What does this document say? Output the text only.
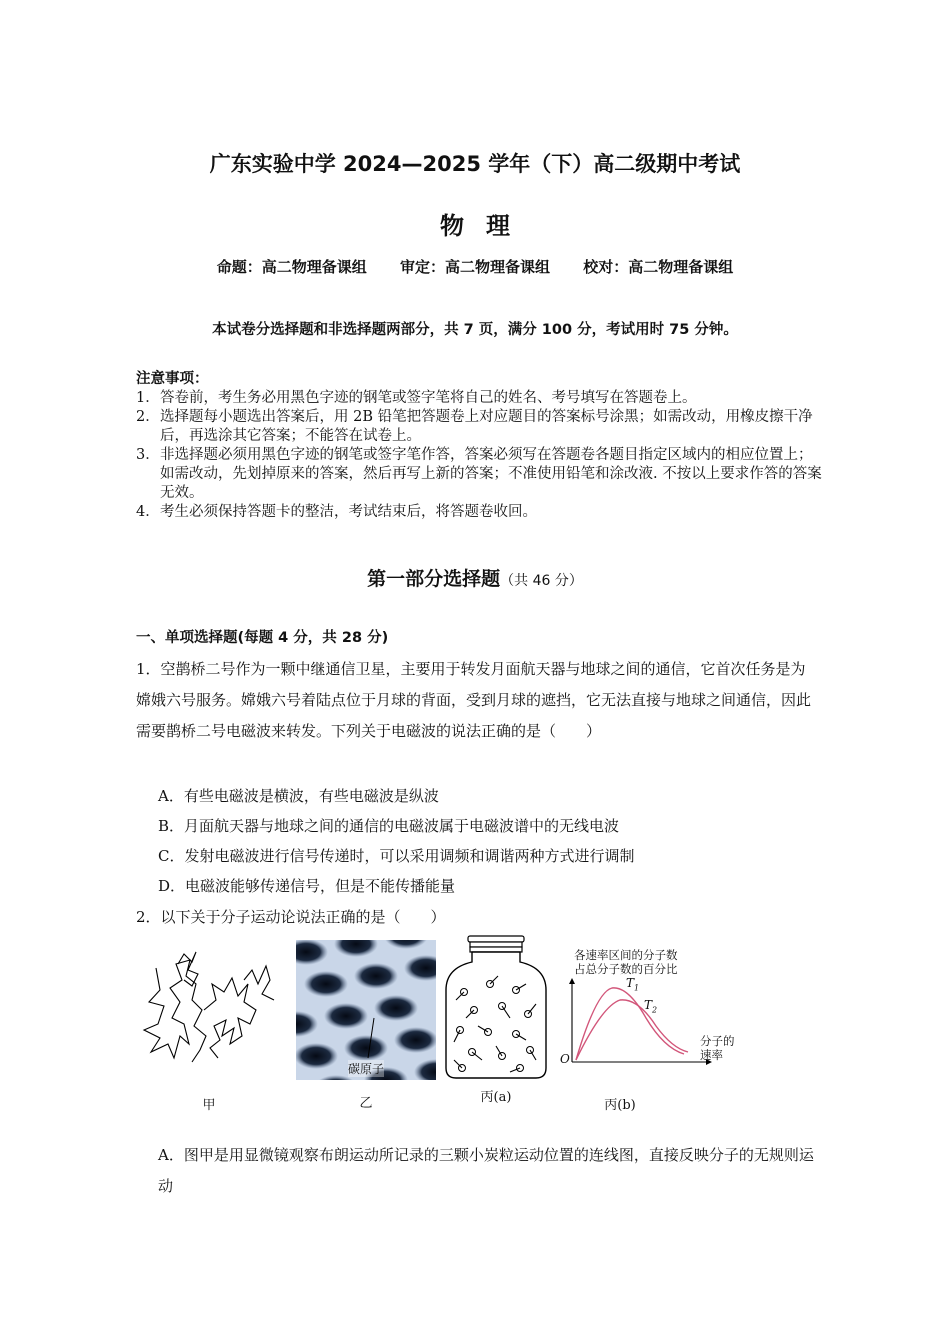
广东实验中学 2024—2025 学年（下）高二级期中考试
物理
命题：高二物理备课组 审定：高二物理备课组 校对：高二物理备课组
本试卷分选择题和非选择题两部分，共 7 页，满分 100 分，考试用时 75 分钟。
注意事项：
1． 答卷前，考生务必用黑色字迹的钢笔或签字笔将自己的姓名、考号填写在答题卷上。
2． 选择题每小题选出答案后，用 2B 铅笔把答题卷上对应题目的答案标号涂黑；如需改动，用橡皮擦干净后，再选涂其它答案；不能答在试卷上。
3． 非选择题必须用黑色字迹的钢笔或签字笔作答，答案必须写在答题卷各题目指定区域内的相应位置上；如需改动，先划掉原来的答案，然后再写上新的答案；不准使用铅笔和涂改液. 不按以上要求作答的答案无效。
4． 考生必须保持答题卡的整洁，考试结束后，将答题卷收回。
第一部分选择题（共 46 分）
一、单项选择题(每题 4 分，共 28 分)
1．空鹊桥二号作为一颗中继通信卫星，主要用于转发月面航天器与地球之间的通信，它首次任务是为嫦娥六号服务。嫦娥六号着陆点位于月球的背面，受到月球的遮挡，它无法直接与地球之间通信，因此需要鹊桥二号电磁波来转发。下列关于电磁波的说法正确的是（　　）
A．有些电磁波是横波，有些电磁波是纵波
B．月面航天器与地球之间的通信的电磁波属于电磁波谱中的无线电波
C．发射电磁波进行信号传递时，可以采用调频和调谐两种方式进行调制
D．电磁波能够传递信号，但是不能传播能量
2．以下关于分子运动论说法正确的是（　　）
甲
碳原子
乙	丙(a)
各速率区间的分子数
占总分子数的百分比
$T_1$
$T_2$
O
分子的
速率
丙(b)
A．图甲是用显微镜观察布朗运动所记录的三颗小炭粒运动位置的连线图，直接反映分子的无规则运动
